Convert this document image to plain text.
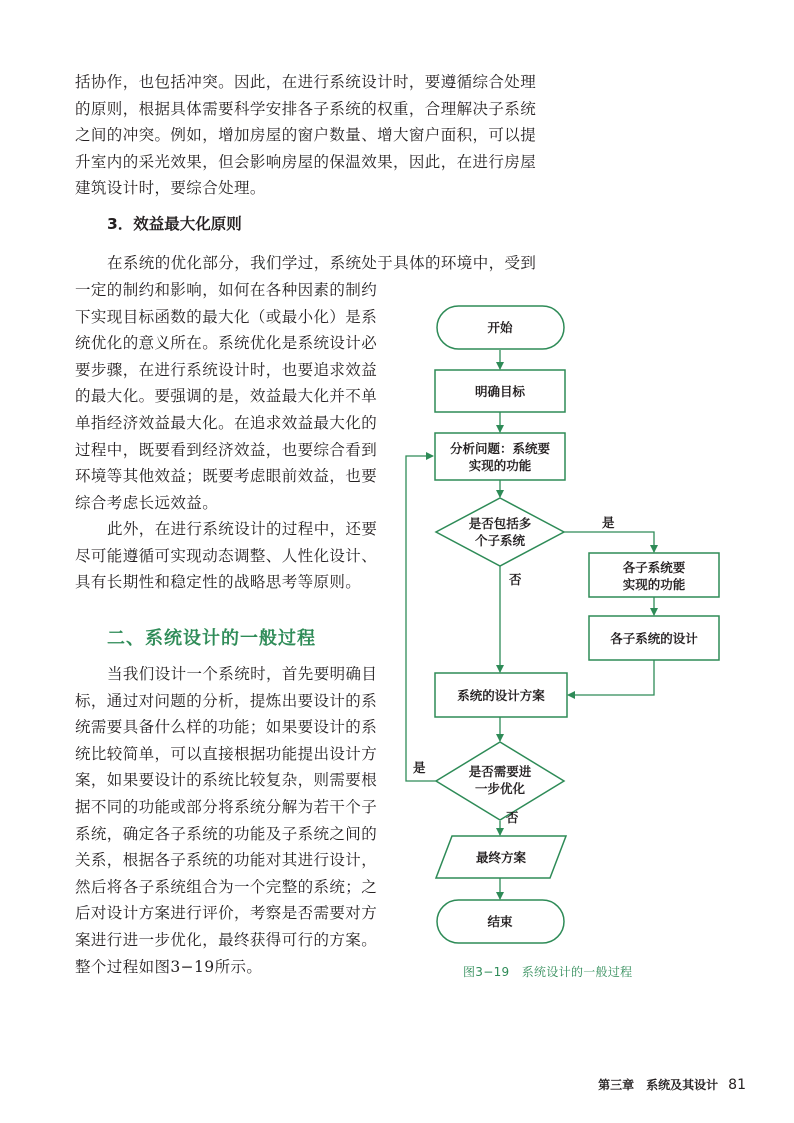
括协作，也包括冲突。因此，在进行系统设计时，要遵循综合处理
的原则，根据具体需要科学安排各子系统的权重，合理解决子系统
之间的冲突。例如，增加房屋的窗户数量、增大窗户面积，可以提
升室内的采光效果，但会影响房屋的保温效果，因此，在进行房屋
建筑设计时，要综合处理。
3．效益最大化原则
在系统的优化部分，我们学过，系统处于具体的环境中，受到
一定的制约和影响，如何在各种因素的制约
下实现目标函数的最大化（或最小化）是系
统优化的意义所在。系统优化是系统设计必
要步骤，在进行系统设计时，也要追求效益
的最大化。要强调的是，效益最大化并不单
单指经济效益最大化。在追求效益最大化的
过程中，既要看到经济效益，也要综合看到
环境等其他效益；既要考虑眼前效益，也要
综合考虑长远效益。
此外，在进行系统设计的过程中，还要
尽可能遵循可实现动态调整、人性化设计、
具有长期性和稳定性的战略思考等原则。
二、系统设计的一般过程
当我们设计一个系统时，首先要明确目
标，通过对问题的分析，提炼出要设计的系
统需要具备什么样的功能；如果要设计的系
统比较简单，可以直接根据功能提出设计方
案，如果要设计的系统比较复杂，则需要根
据不同的功能或部分将系统分解为若干个子
系统，确定各子系统的功能及子系统之间的
关系，根据各子系统的功能对其进行设计，
然后将各子系统组合为一个完整的系统；之
后对设计方案进行评价，考察是否需要对方
案进行进一步优化，最终获得可行的方案。
整个过程如图3−19所示。
开始
明确目标
分析问题：系统要
实现的功能
是否包括多
个子系统
各子系统要
实现的功能
各子系统的设计
系统的设计方案
是否需要进
一步优化
最终方案
结束
是
否
是
否
图3−19　系统设计的一般过程
第三章　系统及其设计 81
